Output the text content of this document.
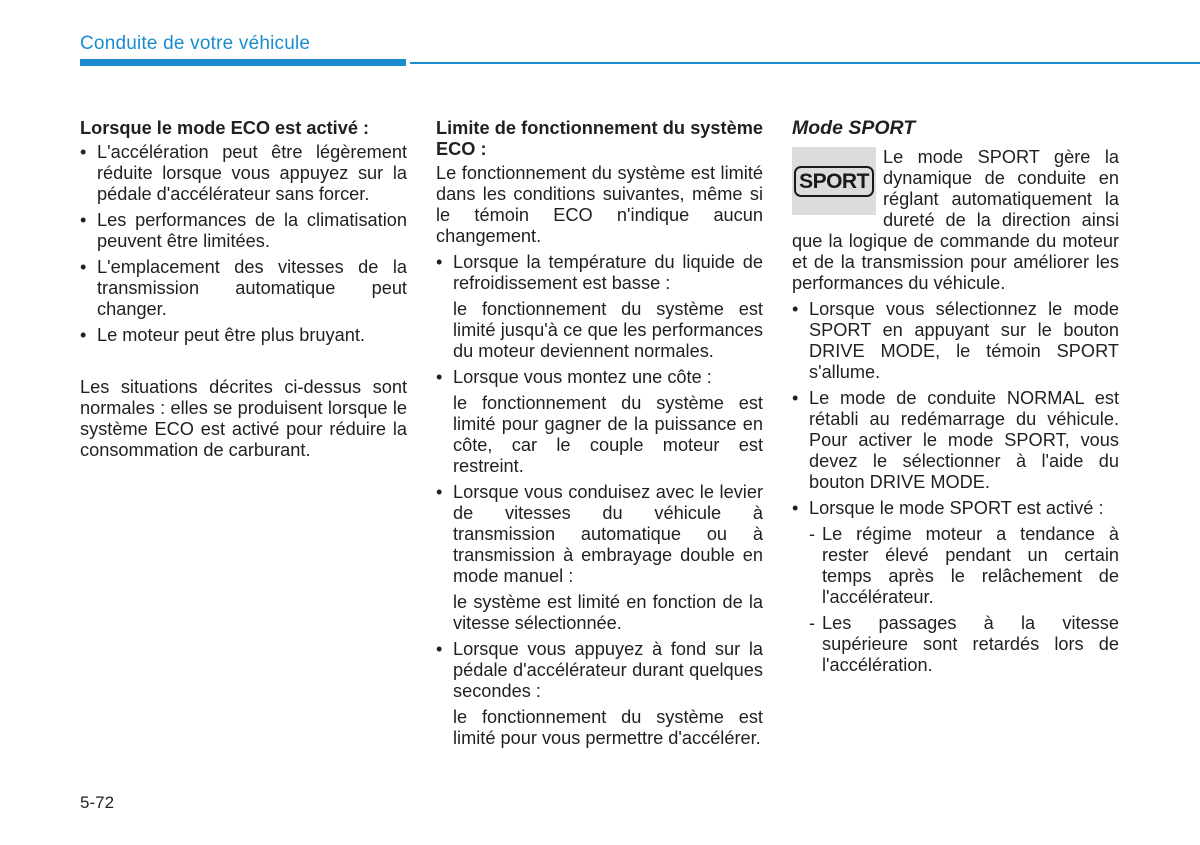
Conduite de votre véhicule

Lorsque le mode ECO est activé :

• L'accélération peut être légèrement réduite lorsque vous appuyez sur la pédale d'accélérateur sans forcer.
• Les performances de la climatisation peuvent être limitées.
• L'emplacement des vitesses de la transmission automatique peut changer.
• Le moteur peut être plus bruyant.

Les situations décrites ci-dessus sont normales : elles se produisent lorsque le système ECO est activé pour réduire la consommation de carburant.

Limite de fonctionnement du système ECO :

Le fonctionnement du système est limité dans les conditions suivantes, même si le témoin ECO n'indique aucun changement.

• Lorsque la température du liquide de refroidissement est basse :

le fonctionnement du système est limité jusqu'à ce que les performances du moteur deviennent normales.

• Lorsque vous montez une côte :

le fonctionnement du système est limité pour gagner de la puissance en côte, car le couple moteur est restreint.

• Lorsque vous conduisez avec le levier de vitesses du véhicule à transmission automatique ou à transmission à embrayage double en mode manuel :

le système est limité en fonction de la vitesse sélectionnée.

• Lorsque vous appuyez à fond sur la pédale d'accélérateur durant quelques secondes :

le fonctionnement du système est limité pour vous permettre d'accélérer.

Mode SPORT

SPORT

Le mode SPORT gère la dynamique de conduite en réglant automatiquement la dureté de la direction ainsi que la logique de commande du moteur et de la transmission pour améliorer les performances du véhicule.

• Lorsque vous sélectionnez le mode SPORT en appuyant sur le bouton DRIVE MODE, le témoin SPORT s'allume.
• Le mode de conduite NORMAL est rétabli au redémarrage du véhicule. Pour activer le mode SPORT, vous devez le sélectionner à l'aide du bouton DRIVE MODE.
• Lorsque le mode SPORT est activé :
- Le régime moteur a tendance à rester élevé pendant un certain temps après le relâchement de l'accélérateur.
- Les passages à la vitesse supérieure sont retardés lors de l'accélération.
5-72
